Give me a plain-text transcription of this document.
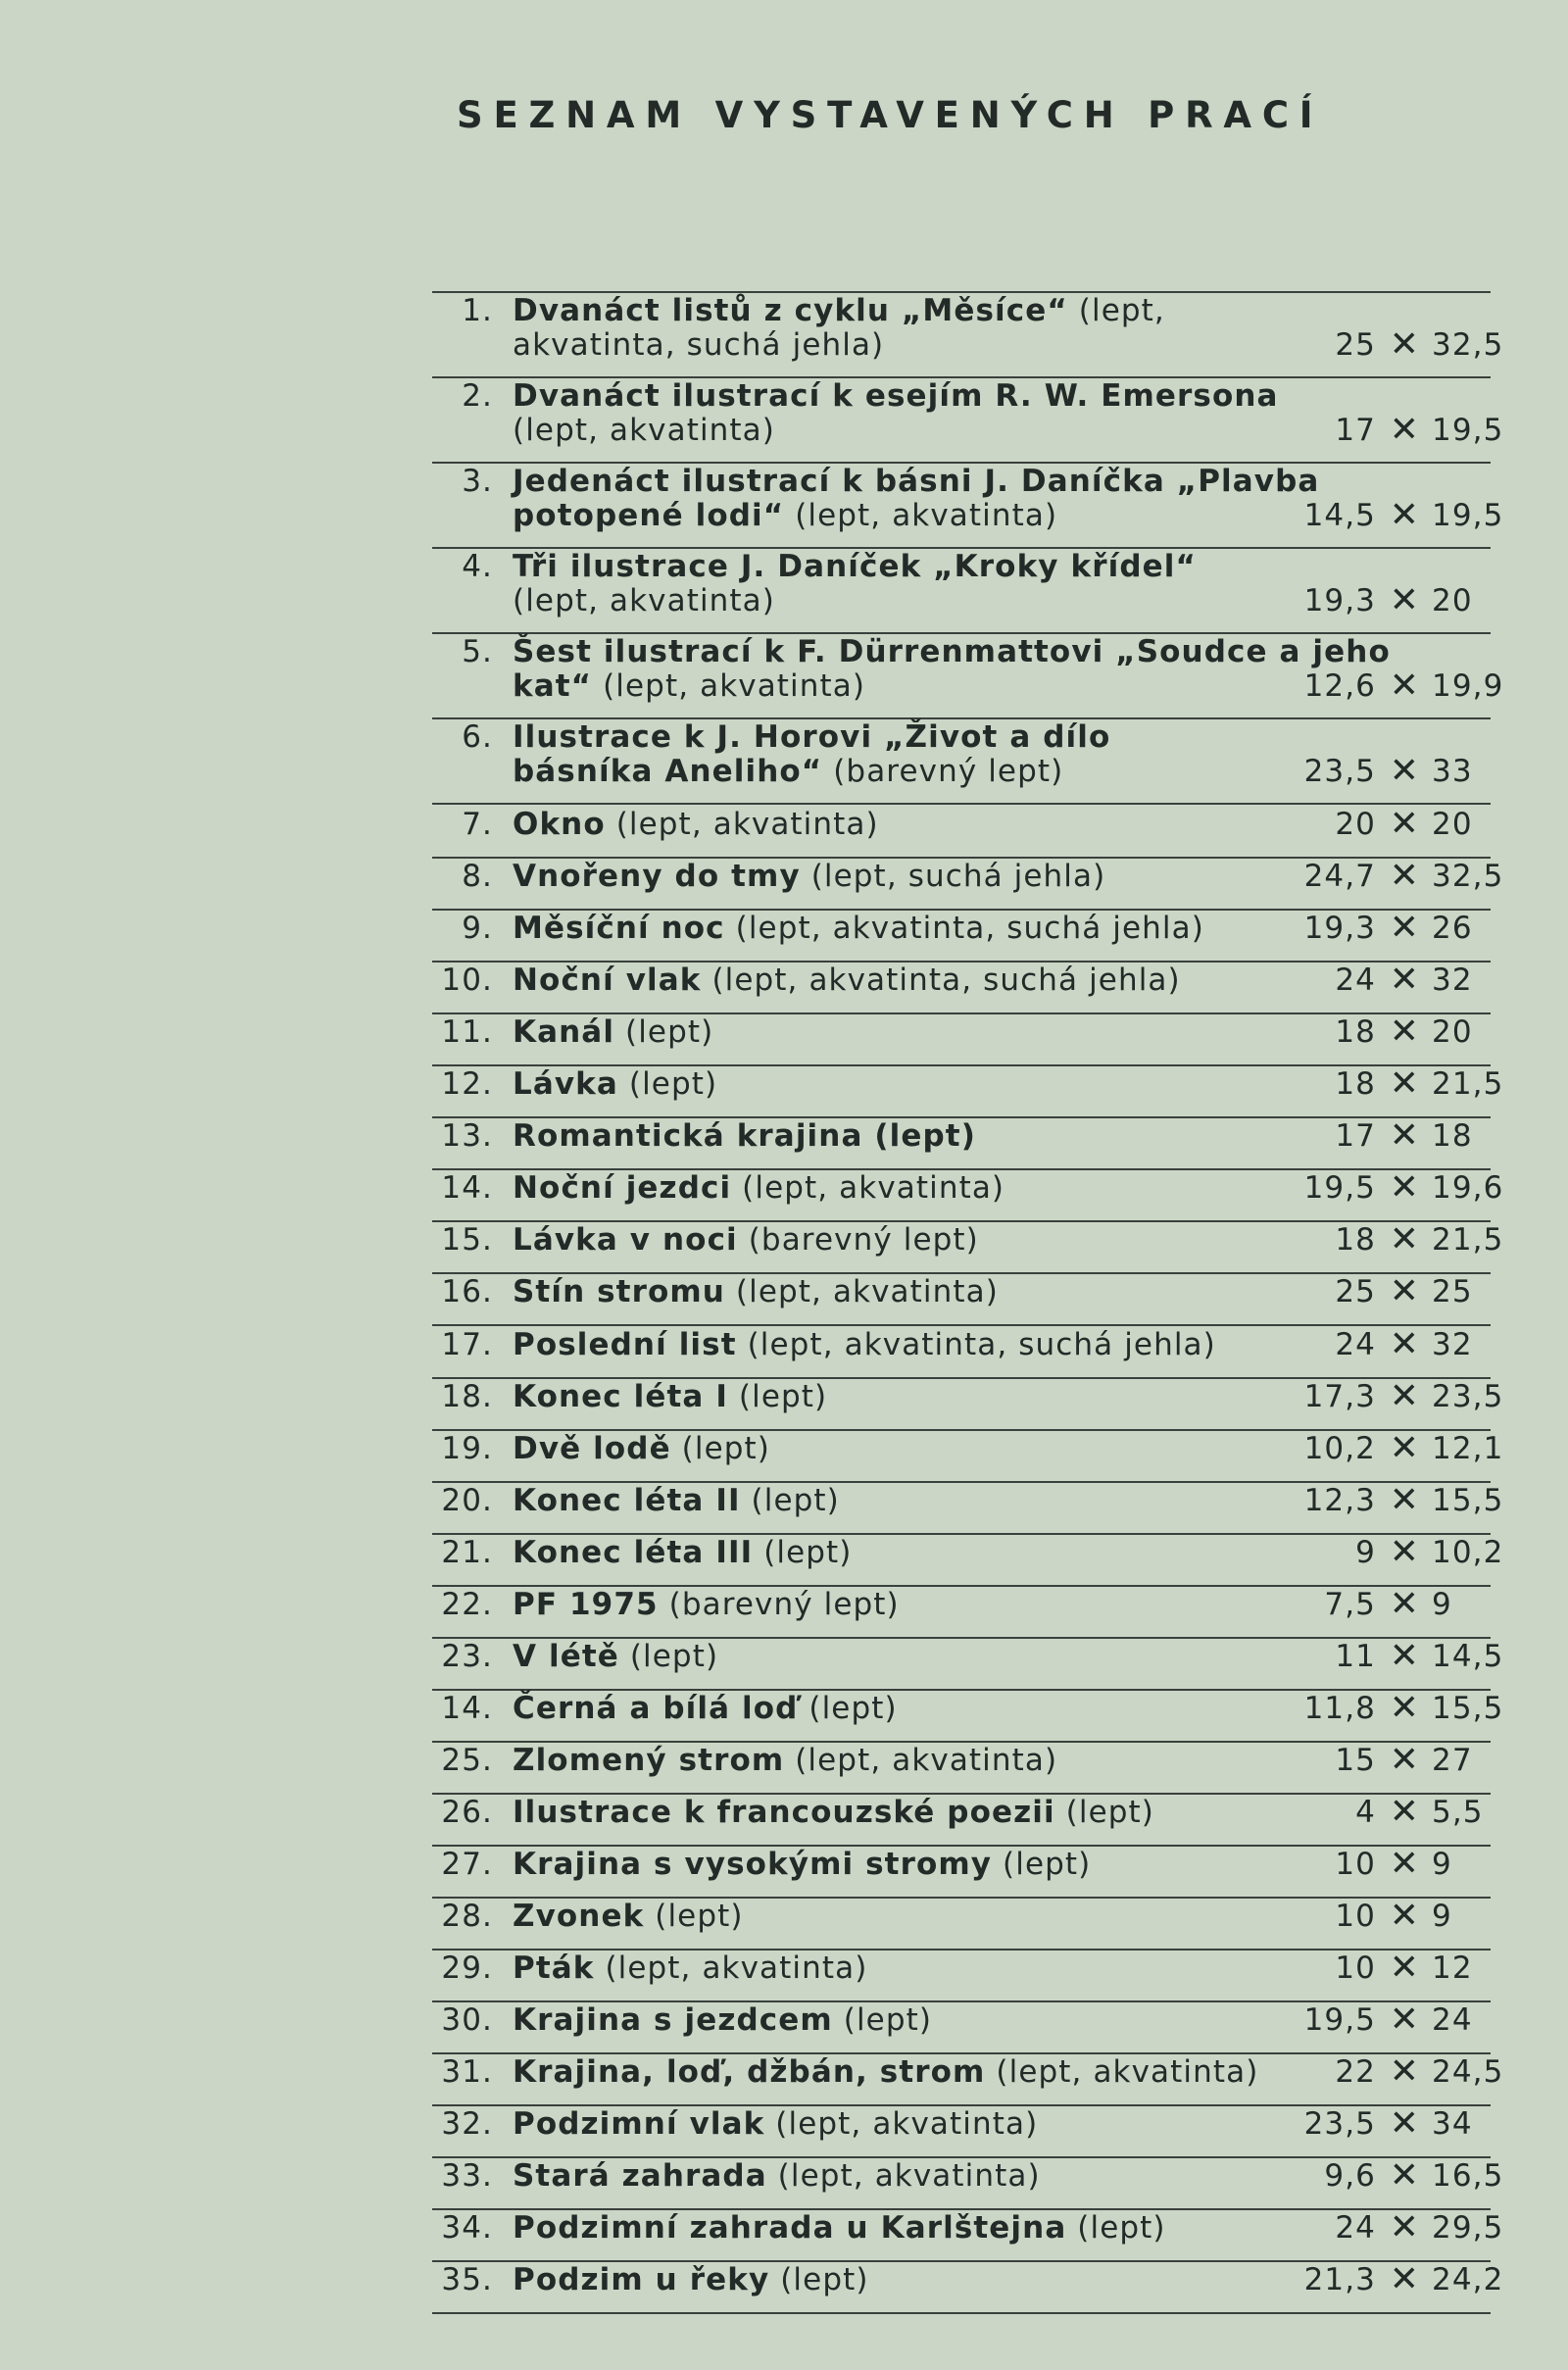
SEZNAM VYSTAVENÝCH PRACÍ
1. Dvanáct listů z cyklu „Měsíce“ (lept,
akvatinta, suchá jehla)	25 ✕ 32,5
2. Dvanáct ilustrací k esejím R. W. Emersona
(lept, akvatinta)	17 ✕ 19,5
3. Jedenáct ilustrací k básni J. Daníčka „Plavba
potopené lodi“ (lept, akvatinta)	14,5 ✕ 19,5
4. Tři ilustrace J. Daníček „Kroky křídel“
(lept, akvatinta)	19,3 ✕ 20
5. Šest ilustrací k F. Dürrenmattovi „Soudce a jeho
kat“ (lept, akvatinta)	12,6 ✕ 19,9
6. Ilustrace k J. Horovi „Život a dílo
básníka Aneliho“ (barevný lept)	23,5 ✕ 33
7. Okno (lept, akvatinta)	20 ✕ 20
8. Vnořeny do tmy (lept, suchá jehla)	24,7 ✕ 32,5
9. Měsíční noc (lept, akvatinta, suchá jehla)	19,3 ✕ 26
10. Noční vlak (lept, akvatinta, suchá jehla)	24 ✕ 32
11. Kanál (lept)	18 ✕ 20
12. Lávka (lept)	18 ✕ 21,5
13. Romantická krajina (lept)	17 ✕ 18
14. Noční jezdci (lept, akvatinta)	19,5 ✕ 19,6
15. Lávka v noci (barevný lept)	18 ✕ 21,5
16. Stín stromu (lept, akvatinta)	25 ✕ 25
17. Poslední list (lept, akvatinta, suchá jehla)	24 ✕ 32
18. Konec léta I (lept)	17,3 ✕ 23,5
19. Dvě lodě (lept)	10,2 ✕ 12,1
20. Konec léta II (lept)	12,3 ✕ 15,5
21. Konec léta III (lept)	9 ✕ 10,2
22. PF 1975 (barevný lept)	7,5 ✕ 9
23. V létě (lept)	11 ✕ 14,5
14. Černá a bílá loď (lept)	11,8 ✕ 15,5
25. Zlomený strom (lept, akvatinta)	15 ✕ 27
26. Ilustrace k francouzské poezii (lept)	4 ✕ 5,5
27. Krajina s vysokými stromy (lept)	10 ✕ 9
28. Zvonek (lept)	10 ✕ 9
29. Pták (lept, akvatinta)	10 ✕ 12
30. Krajina s jezdcem (lept)	19,5 ✕ 24
31. Krajina, loď, džbán, strom (lept, akvatinta)	22 ✕ 24,5
32. Podzimní vlak (lept, akvatinta)	23,5 ✕ 34
33. Stará zahrada (lept, akvatinta)	9,6 ✕ 16,5
34. Podzimní zahrada u Karlštejna (lept)	24 ✕ 29,5
35. Podzim u řeky (lept)	21,3 ✕ 24,2
